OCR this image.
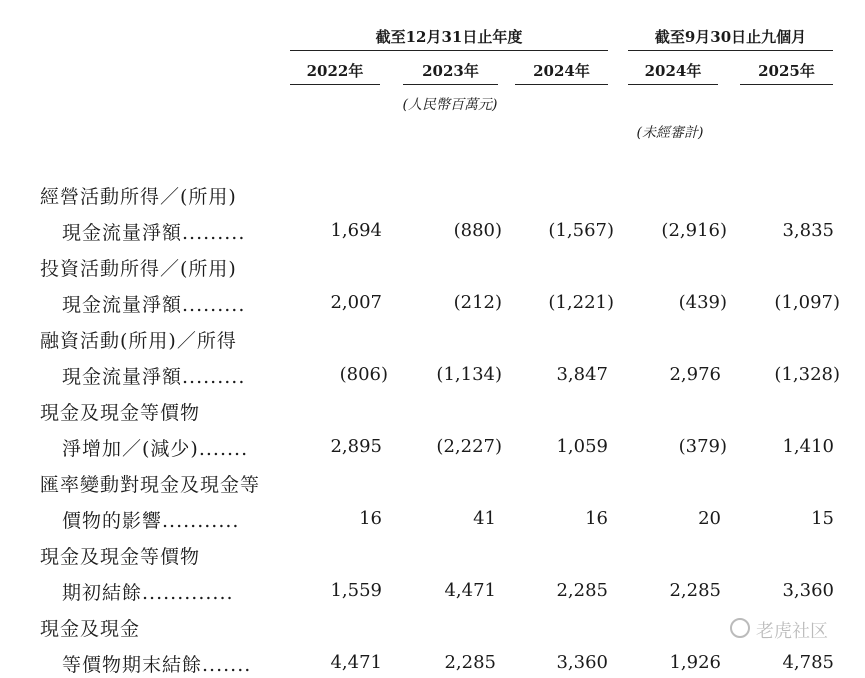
截至12月31日止年度	截至9月30日止九個月
2022年	2023年	2024年	2024年	2025年
(人民幣百萬元)
(未經審計)
經營活動所得／(所用)
現金流量淨額.........	1,694	(880)	(1,567)	(2,916)	3,835
投資活動所得／(所用)
現金流量淨額.........	2,007	(212)	(1,221)	(439)	(1,097)
融資活動(所用)／所得
現金流量淨額.........	(806)	(1,134)	3,847	2,976	(1,328)
現金及現金等價物
淨增加／(減少).......	2,895	(2,227)	1,059	(379)	1,410
匯率變動對現金及現金等
價物的影響...........	16	41	16	20	15
現金及現金等價物
期初結餘.............	1,559	4,471	2,285	2,285	3,360
現金及現金
等價物期末結餘.......	4,471	2,285	3,360	1,926	4,785
老虎社区
